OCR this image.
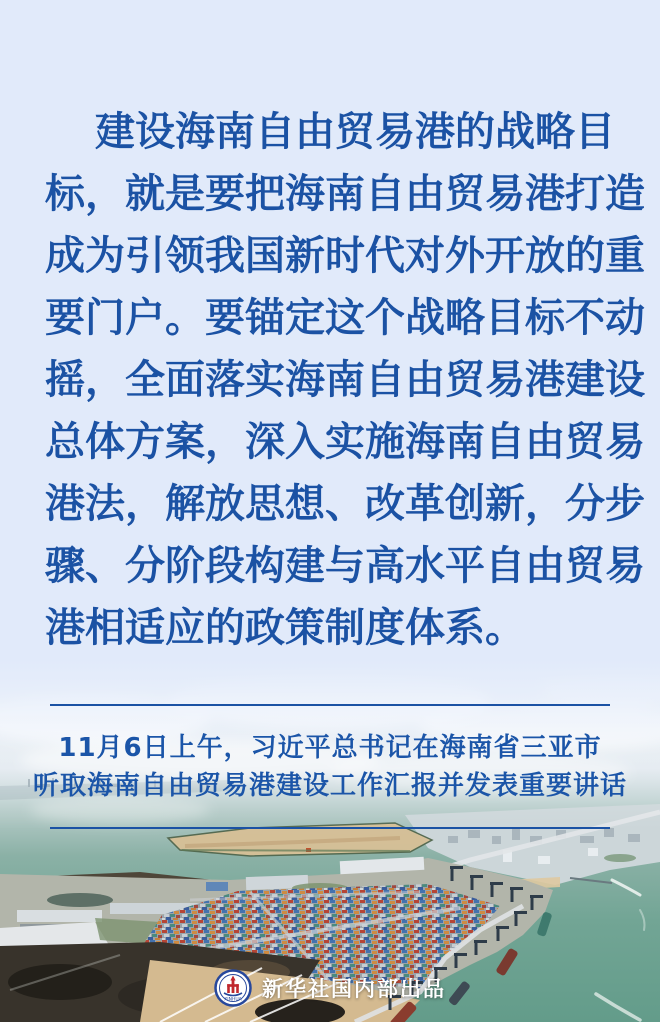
建设海南自由贸易港的战略目
标，就是要把海南自由贸易港打造
成为引领我国新时代对外开放的重
要门户。要锚定这个战略目标不动
摇，全面落实海南自由贸易港建设
总体方案，深入实施海南自由贸易
港法，解放思想、改革创新，分步
骤、分阶段构建与高水平自由贸易
港相适应的政策制度体系。
11月6日上午，习近平总书记在海南省三亚市
听取海南自由贸易港建设工作汇报并发表重要讲话
XINHUA 新华社国内部出品
